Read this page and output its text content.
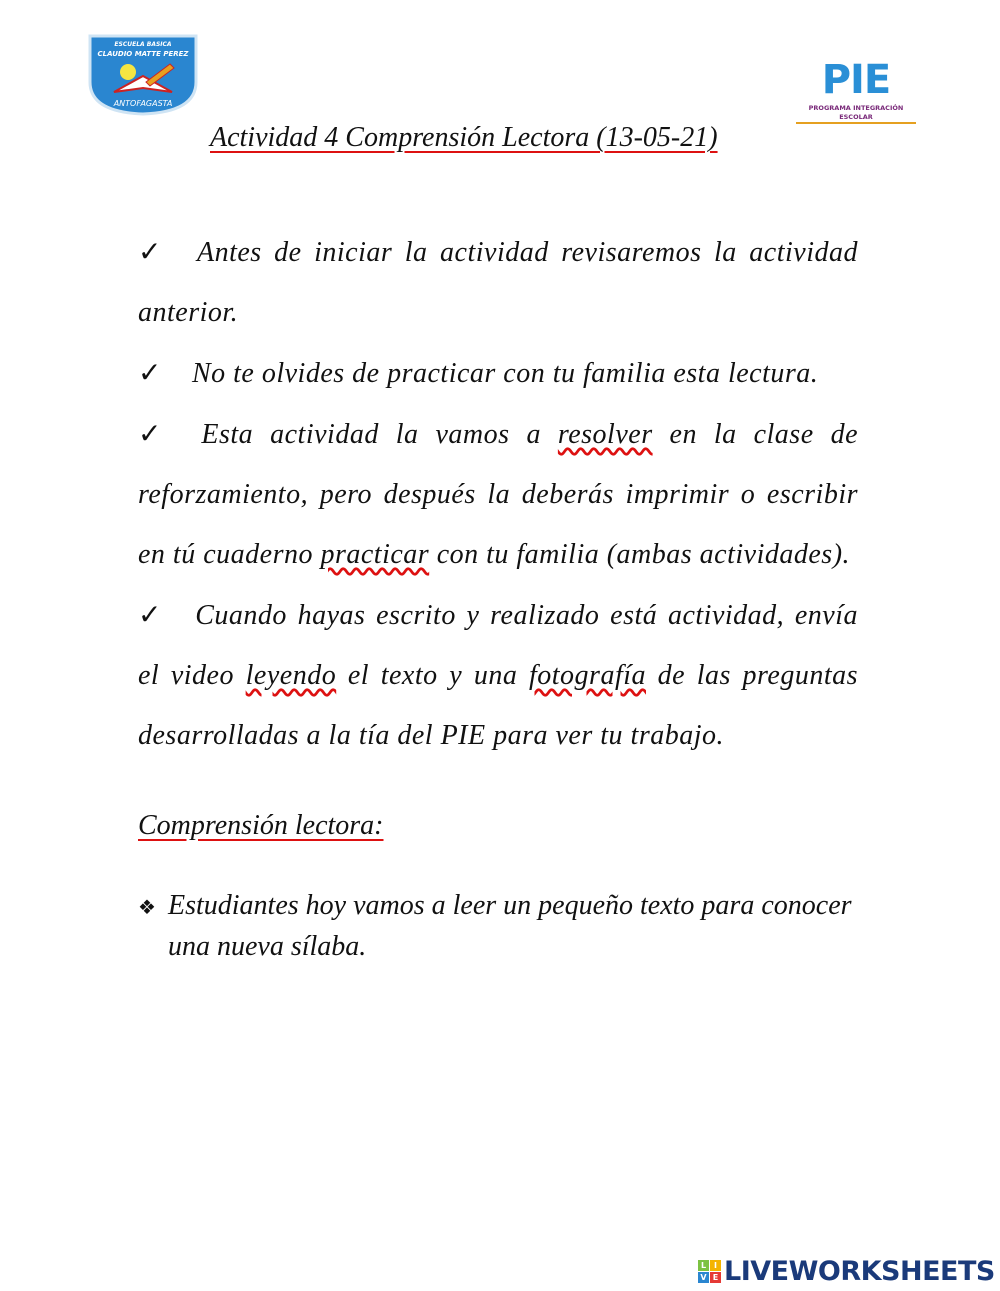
ESCUELA BASICA
CLAUDIO MATTE PEREZ
ANTOFAGASTA
PIE
PROGRAMA INTEGRACIÓN ESCOLAR
Actividad 4 Comprensión Lectora (13-05-21)

✓ Antes de iniciar la actividad revisaremos la actividad anterior.

✓ No te olvides de practicar con tu familia esta lectura.

✓ Esta actividad la vamos a resolver en la clase de reforzamiento, pero después la deberás imprimir o escribir en tú cuaderno practicar con tu familia (ambas actividades).

✓ Cuando hayas escrito y realizado está actividad, envía el video leyendo el texto y una fotografía de las preguntas desarrolladas a la tía del PIE para ver tu trabajo.

Comprensión lectora:
❖ Estudiantes hoy vamos a leer un pequeño texto para conocer una nueva sílaba.
L I
V E LIVEWORKSHEETS
